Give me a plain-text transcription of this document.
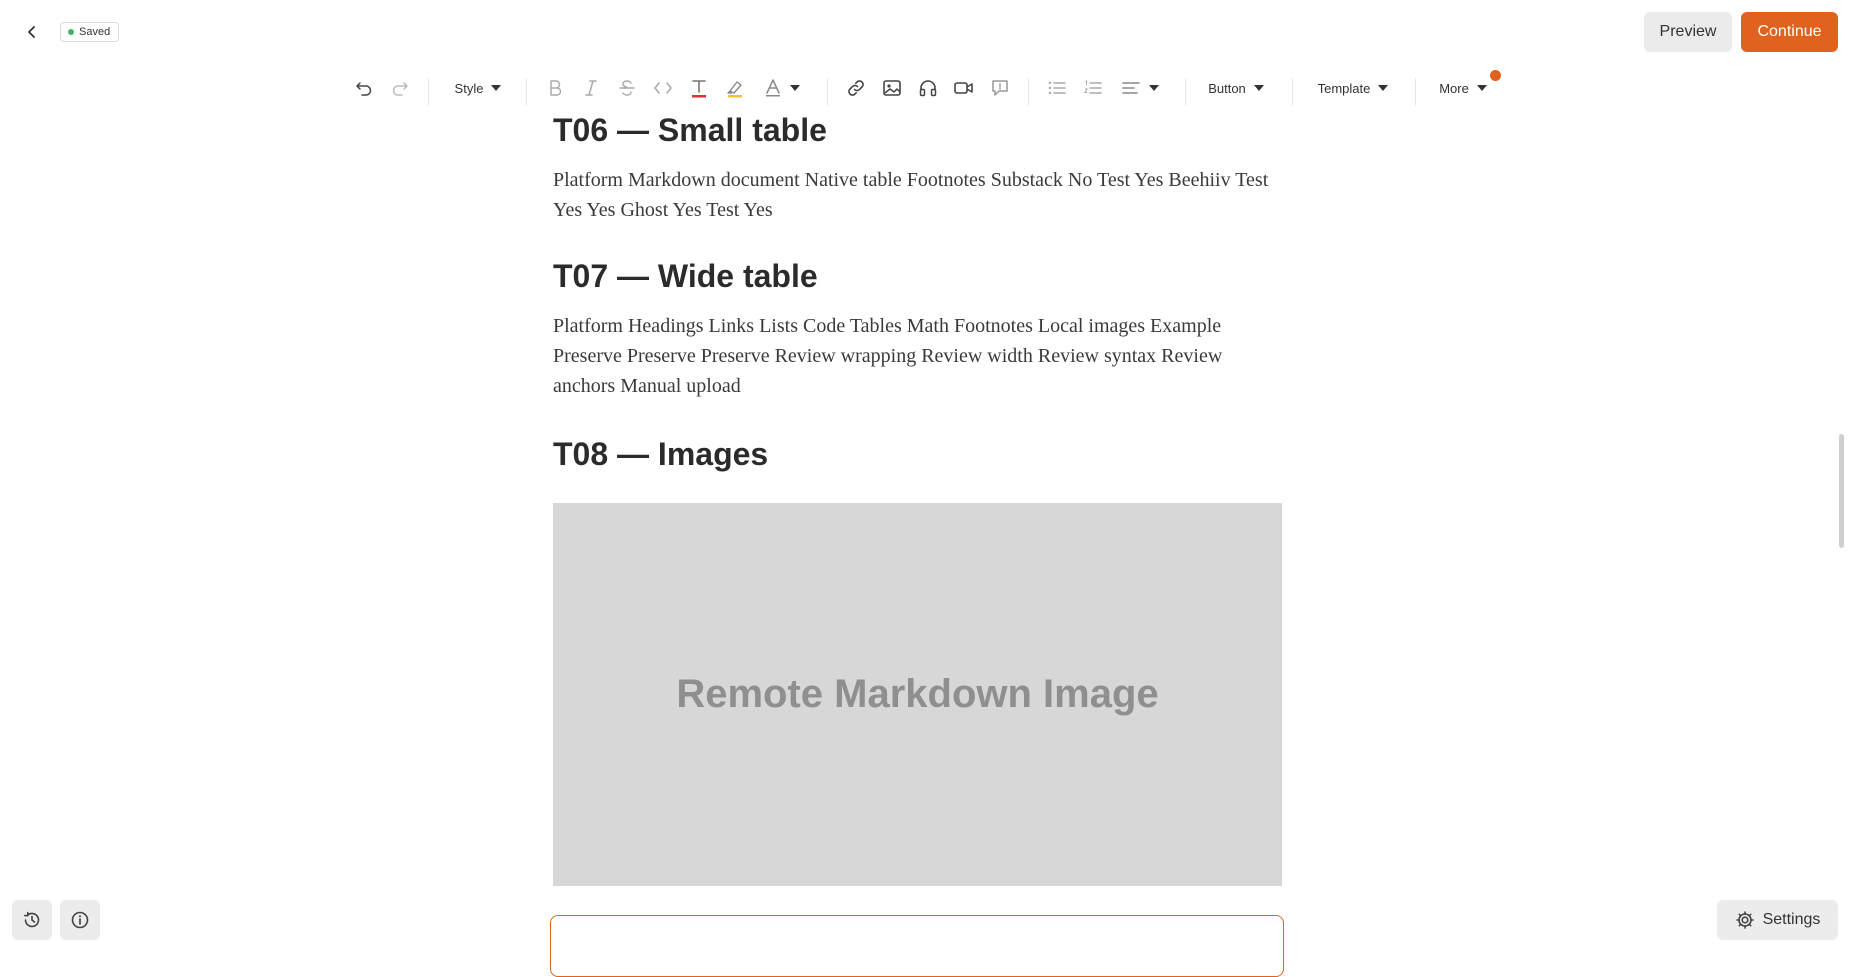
Saved	Preview	Continue
Style	Button	Template	More
T06 — Small table

Platform Markdown document Native table Footnotes Substack No Test Yes Beehiiv Test Yes Yes Ghost Yes Test Yes

T07 — Wide table

Platform Headings Links Lists Code Tables Math Footnotes Local images Example Preserve Preserve Preserve Review wrapping Review width Review syntax Review anchors Manual upload

T08 — Images
Remote Markdown Image
Settings
